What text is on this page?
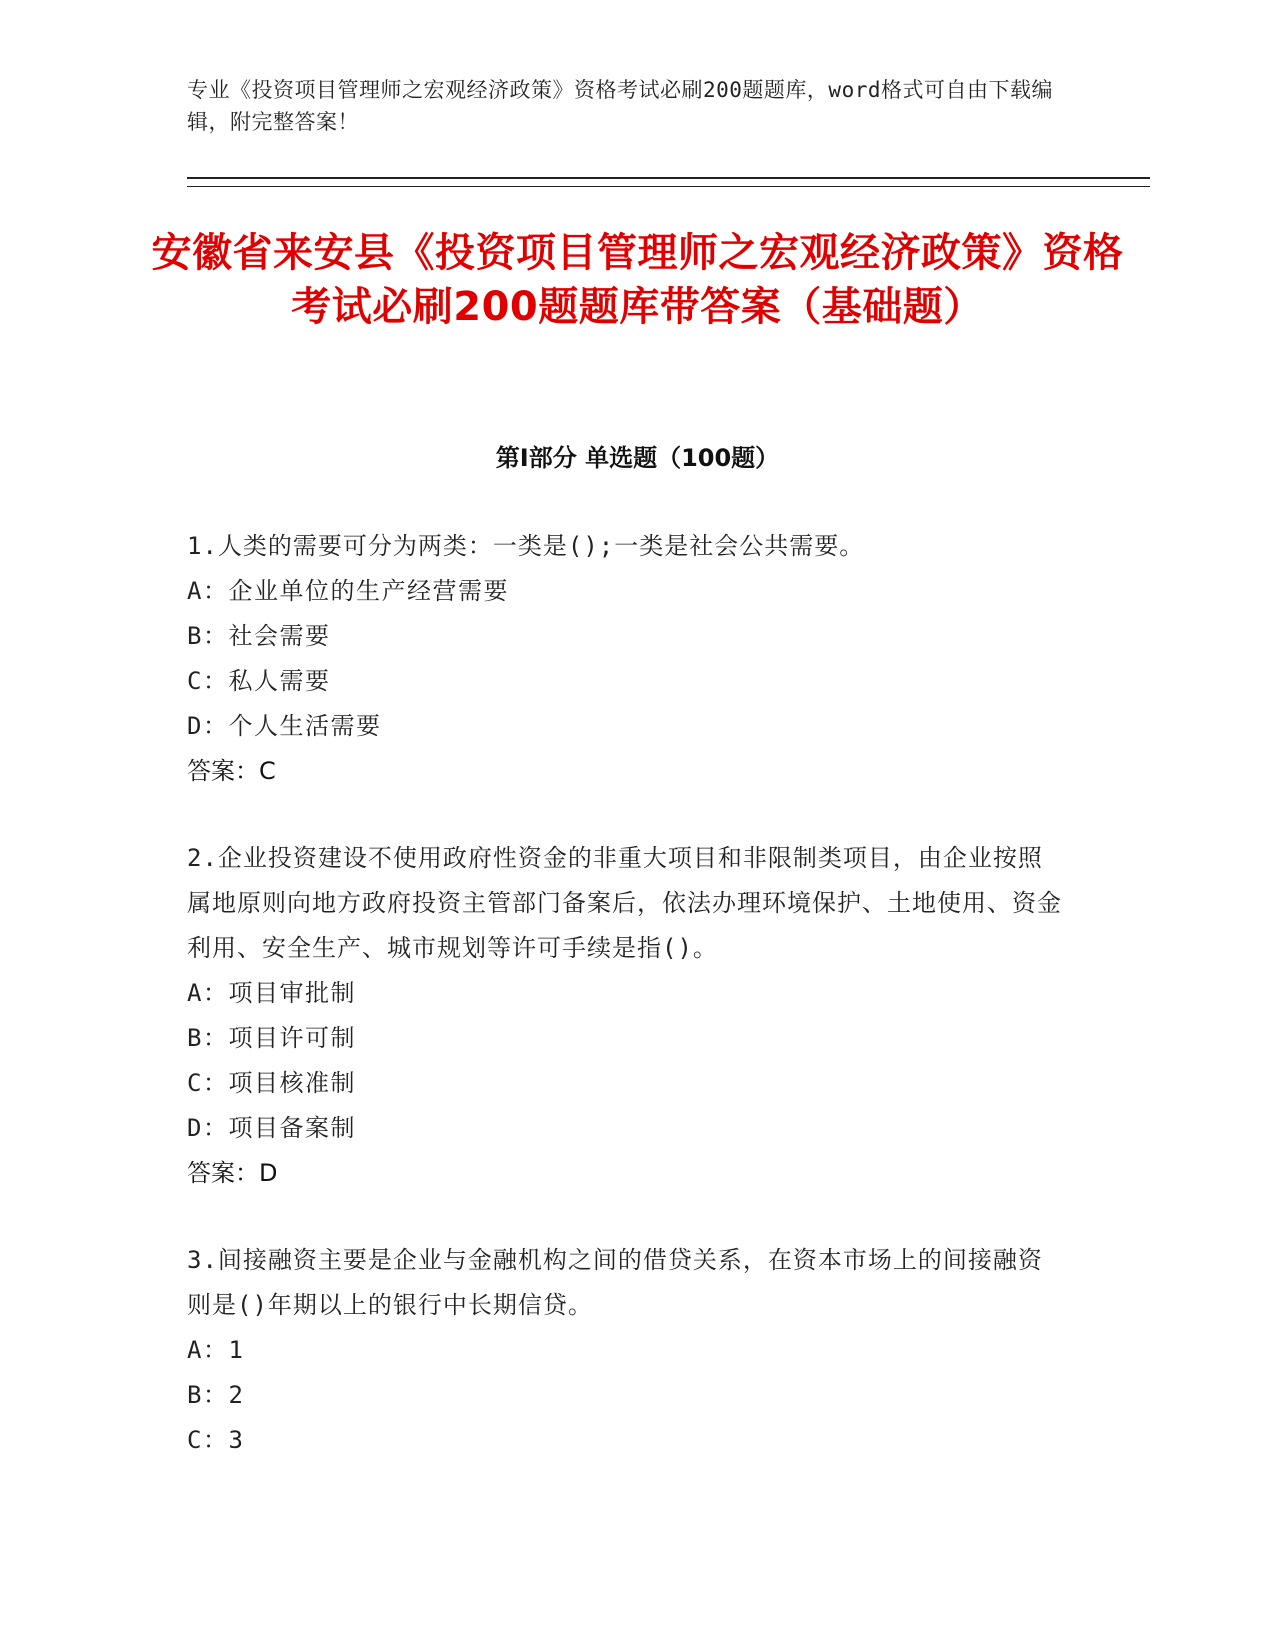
专业《投资项目管理师之宏观经济政策》资格考试必刷200题题库，word格式可自由下载编辑，附完整答案！
安徽省来安县《投资项目管理师之宏观经济政策》资格考试必刷200题题库带答案（基础题）
第Ⅰ部分 单选题（100题）
1.人类的需要可分为两类：一类是();一类是社会公共需要。
A：企业单位的生产经营需要
B：社会需要
C：私人需要
D：个人生活需要
答案：C
2.企业投资建设不使用政府性资金的非重大项目和非限制类项目，由企业按照属地原则向地方政府投资主管部门备案后，依法办理环境保护、土地使用、资金利用、安全生产、城市规划等许可手续是指()。
A：项目审批制
B：项目许可制
C：项目核准制
D：项目备案制
答案：D
3.间接融资主要是企业与金融机构之间的借贷关系，在资本市场上的间接融资则是()年期以上的银行中长期信贷。
A：1
B：2
C：3
